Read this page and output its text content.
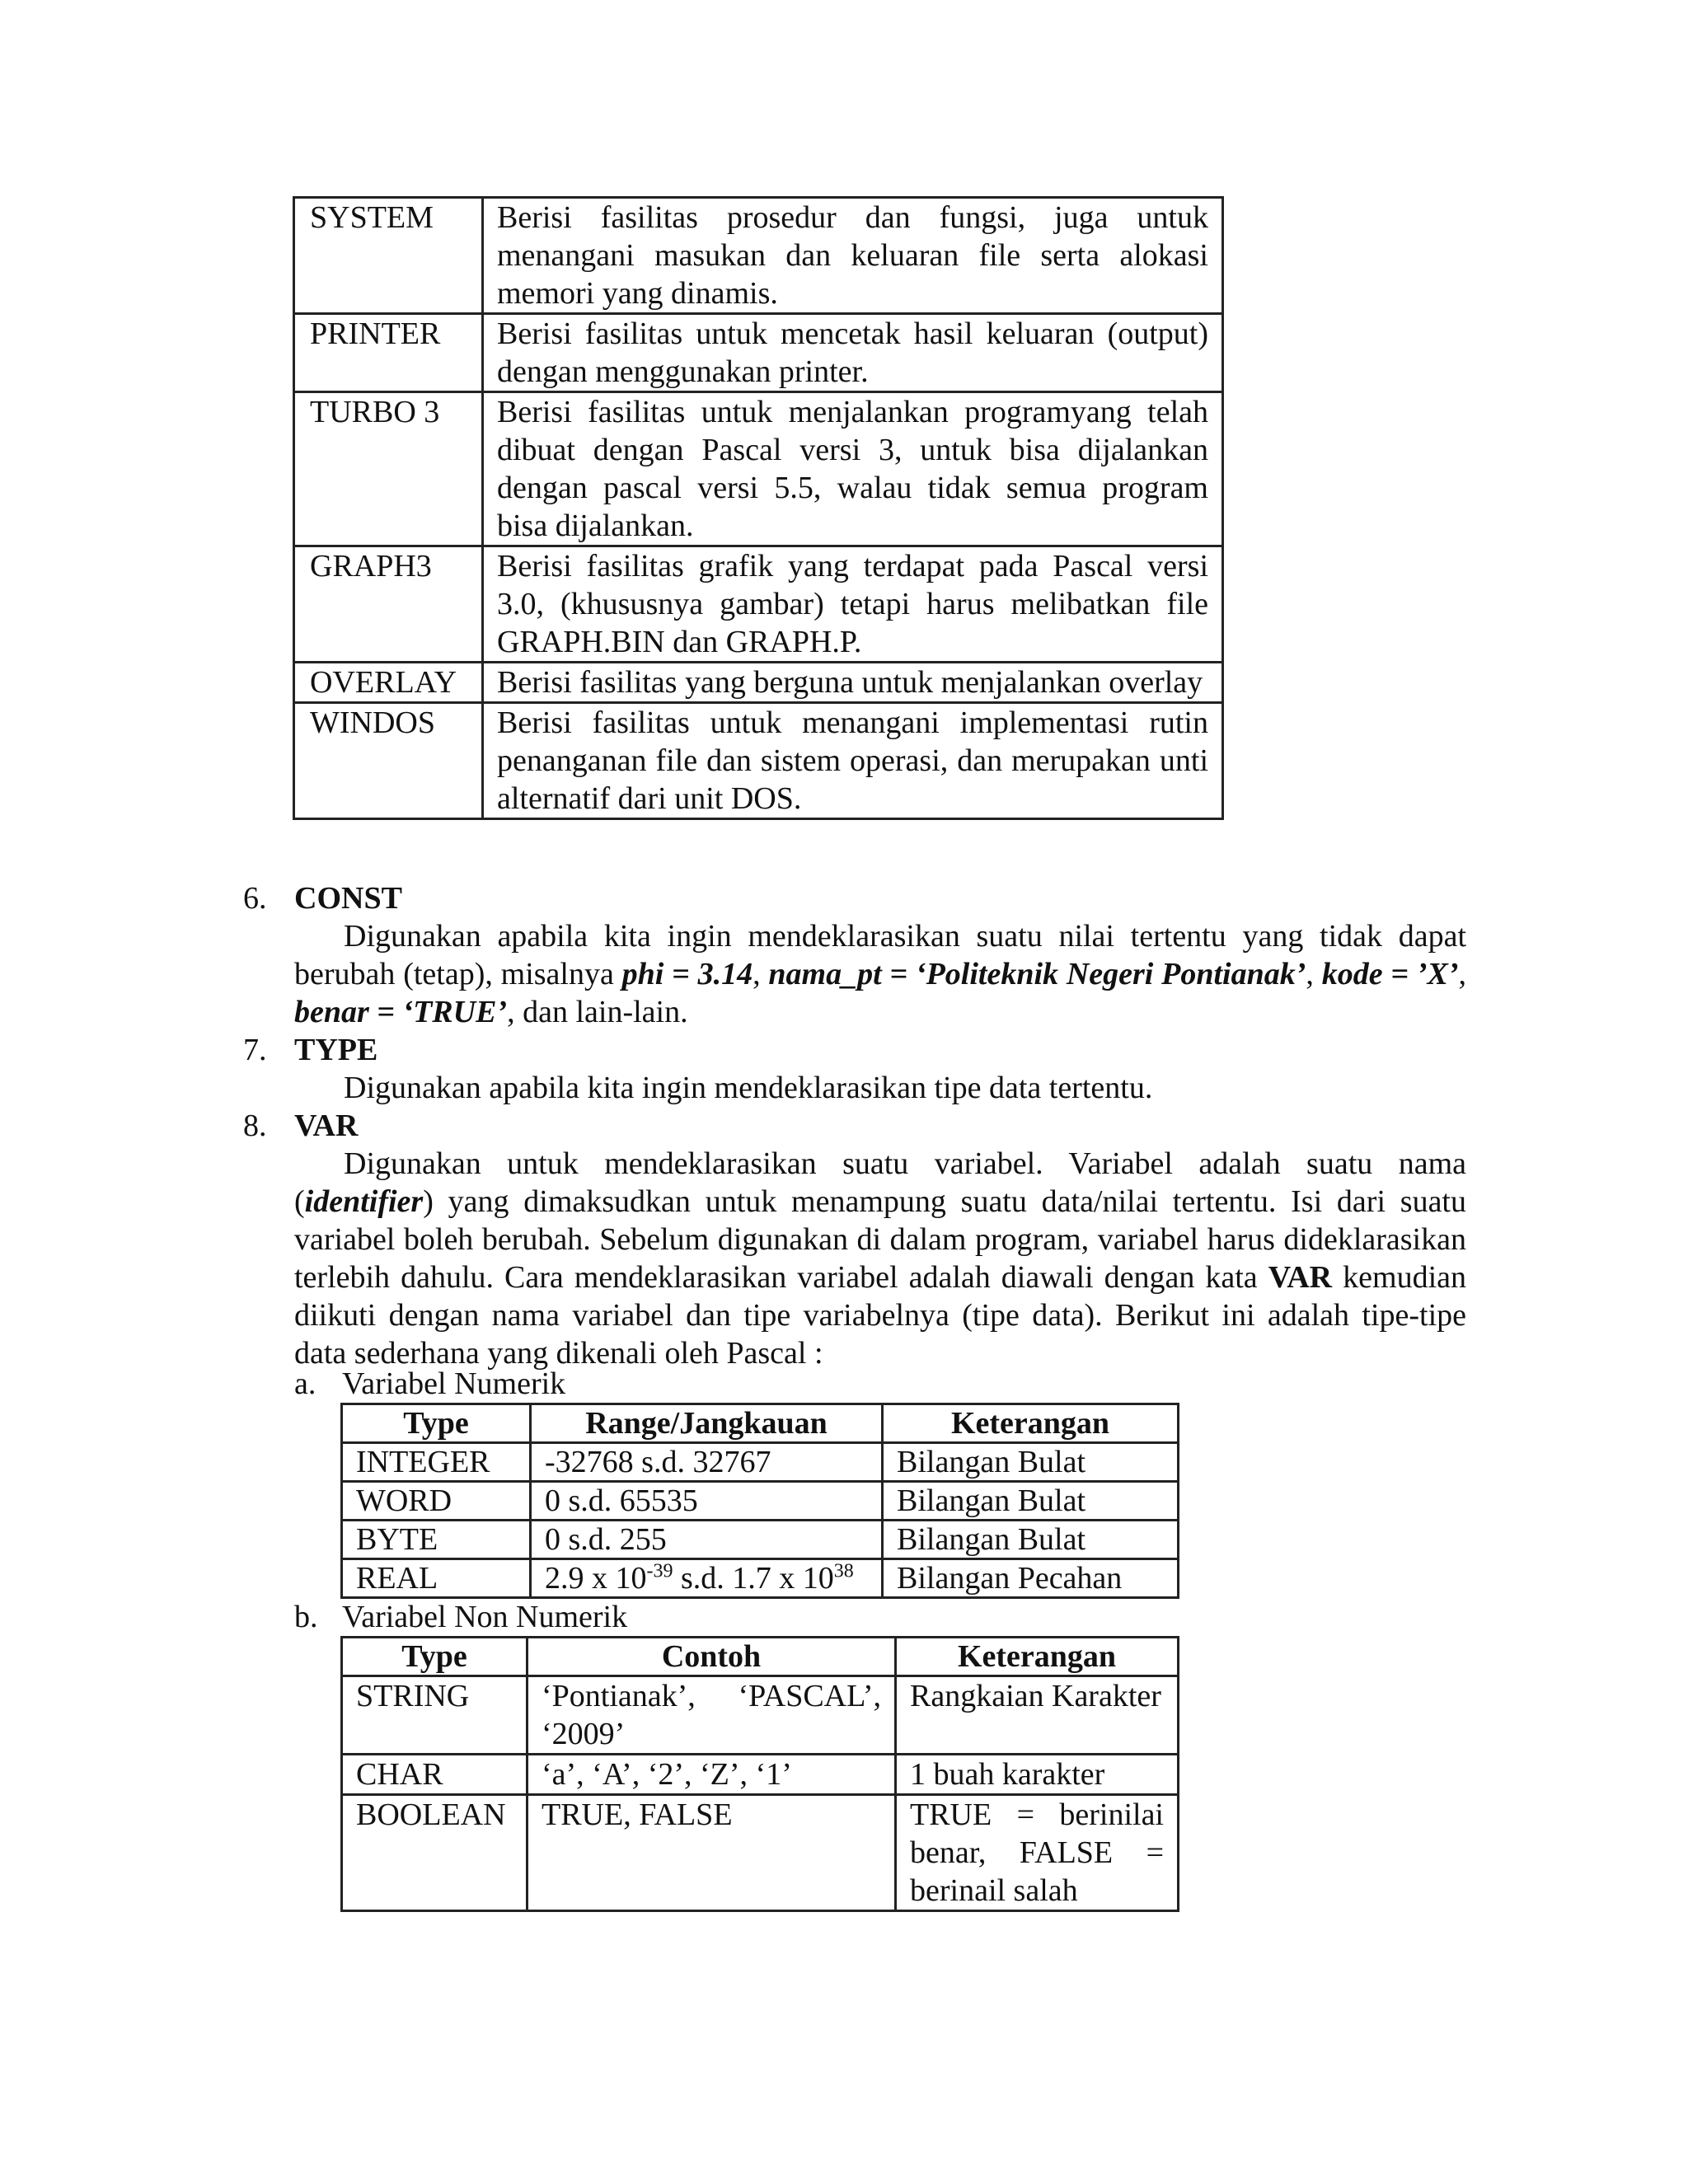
SYSTEM	Berisi fasilitas prosedur dan fungsi, juga untuk menangani masukan dan keluaran file serta alokasi memori yang dinamis.
PRINTER	Berisi fasilitas untuk mencetak hasil keluaran (output) dengan menggunakan printer.
TURBO 3	Berisi fasilitas untuk menjalankan programyang telah dibuat dengan Pascal versi 3, untuk bisa dijalankan dengan pascal versi 5.5, walau tidak semua program bisa dijalankan.
GRAPH3	Berisi fasilitas grafik yang terdapat pada Pascal versi 3.0, (khususnya gambar) tetapi harus melibatkan file GRAPH.BIN dan GRAPH.P.
OVERLAY	Berisi fasilitas yang berguna untuk menjalankan overlay
WINDOS	Berisi fasilitas untuk menangani implementasi rutin penanganan file dan sistem operasi, dan merupakan unti alternatif dari unit DOS.
6. CONST
Digunakan apabila kita ingin mendeklarasikan suatu nilai tertentu yang tidak dapat berubah (tetap), misalnya phi = 3.14, nama_pt = ‘Politeknik Negeri Pontianak’, kode = ’X’, benar = ‘TRUE’, dan lain-lain.
7. TYPE
Digunakan apabila kita ingin mendeklarasikan tipe data tertentu.
8. VAR
Digunakan untuk mendeklarasikan suatu variabel. Variabel adalah suatu nama (identifier) yang dimaksudkan untuk menampung suatu data/nilai tertentu. Isi dari suatu variabel boleh berubah. Sebelum digunakan di dalam program, variabel harus dideklarasikan terlebih dahulu. Cara mendeklarasikan variabel adalah diawali dengan kata VAR kemudian diikuti dengan nama variabel dan tipe variabelnya (tipe data). Berikut ini adalah tipe-tipe data sederhana yang dikenali oleh Pascal :
a. Variabel Numerik
Type	Range/Jangkauan	Keterangan
INTEGER	-32768 s.d. 32767	Bilangan Bulat
WORD	0 s.d. 65535	Bilangan Bulat
BYTE	0 s.d. 255	Bilangan Bulat
REAL	2.9 x $10^{-39}$ s.d. 1.7 x $10^{38}$	Bilangan Pecahan
b. Variabel Non Numerik
Type	Contoh	Keterangan
STRING	‘Pontianak’, ‘PASCAL’, ‘2009’	Rangkaian Karakter
CHAR	‘a’, ‘A’, ‘2’, ‘Z’, ‘1’	1 buah karakter
BOOLEAN	TRUE, FALSE	TRUE = berinilai benar, FALSE = berinail salah
